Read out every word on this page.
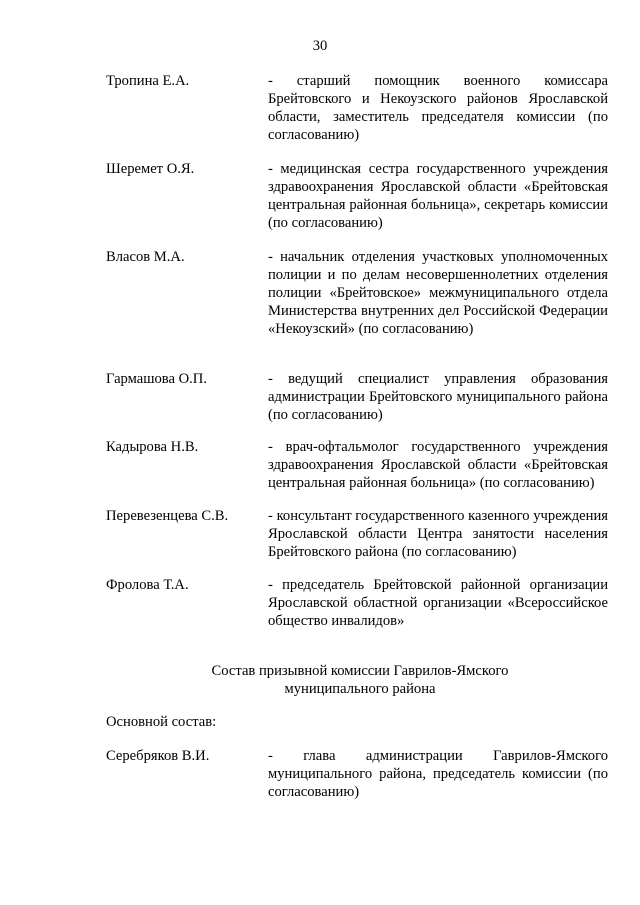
30
Тропина Е.А.	- старший помощник военного комиссара Брейтовского и Некоузского районов Ярославской области, заместитель председателя комиссии (по согласованию)
Шеремет О.Я.	- медицинская сестра государственного учреждения здравоохранения Ярославской области «Брейтовская центральная районная больница», секретарь комиссии (по согласованию)
Власов М.А.	- начальник отделения участковых уполномоченных полиции и по делам несовершеннолетних отделения полиции «Брейтовское» межмуниципального отдела Министерства внутренних дел Российской Федерации «Некоузский» (по согласованию)
Гармашова О.П.	- ведущий специалист управления образования администрации Брейтовского муниципального района (по согласованию)
Кадырова Н.В.	- врач-офтальмолог государственного учреждения здравоохранения Ярославской области «Брейтовская центральная районная больница» (по согласованию)
Перевезенцева С.В.	- консультант государственного казенного учреждения Ярославской области Центра занятости населения Брейтовского района (по согласованию)
Фролова Т.А.	- председатель Брейтовской районной организации Ярославской областной организации «Всероссийское общество инвалидов»
Состав призывной комиссии Гаврилов-Ямского
муниципального района
Основной состав:
Серебряков В.И.	- глава администрации Гаврилов-Ямского муниципального района, председатель комиссии (по согласованию)
